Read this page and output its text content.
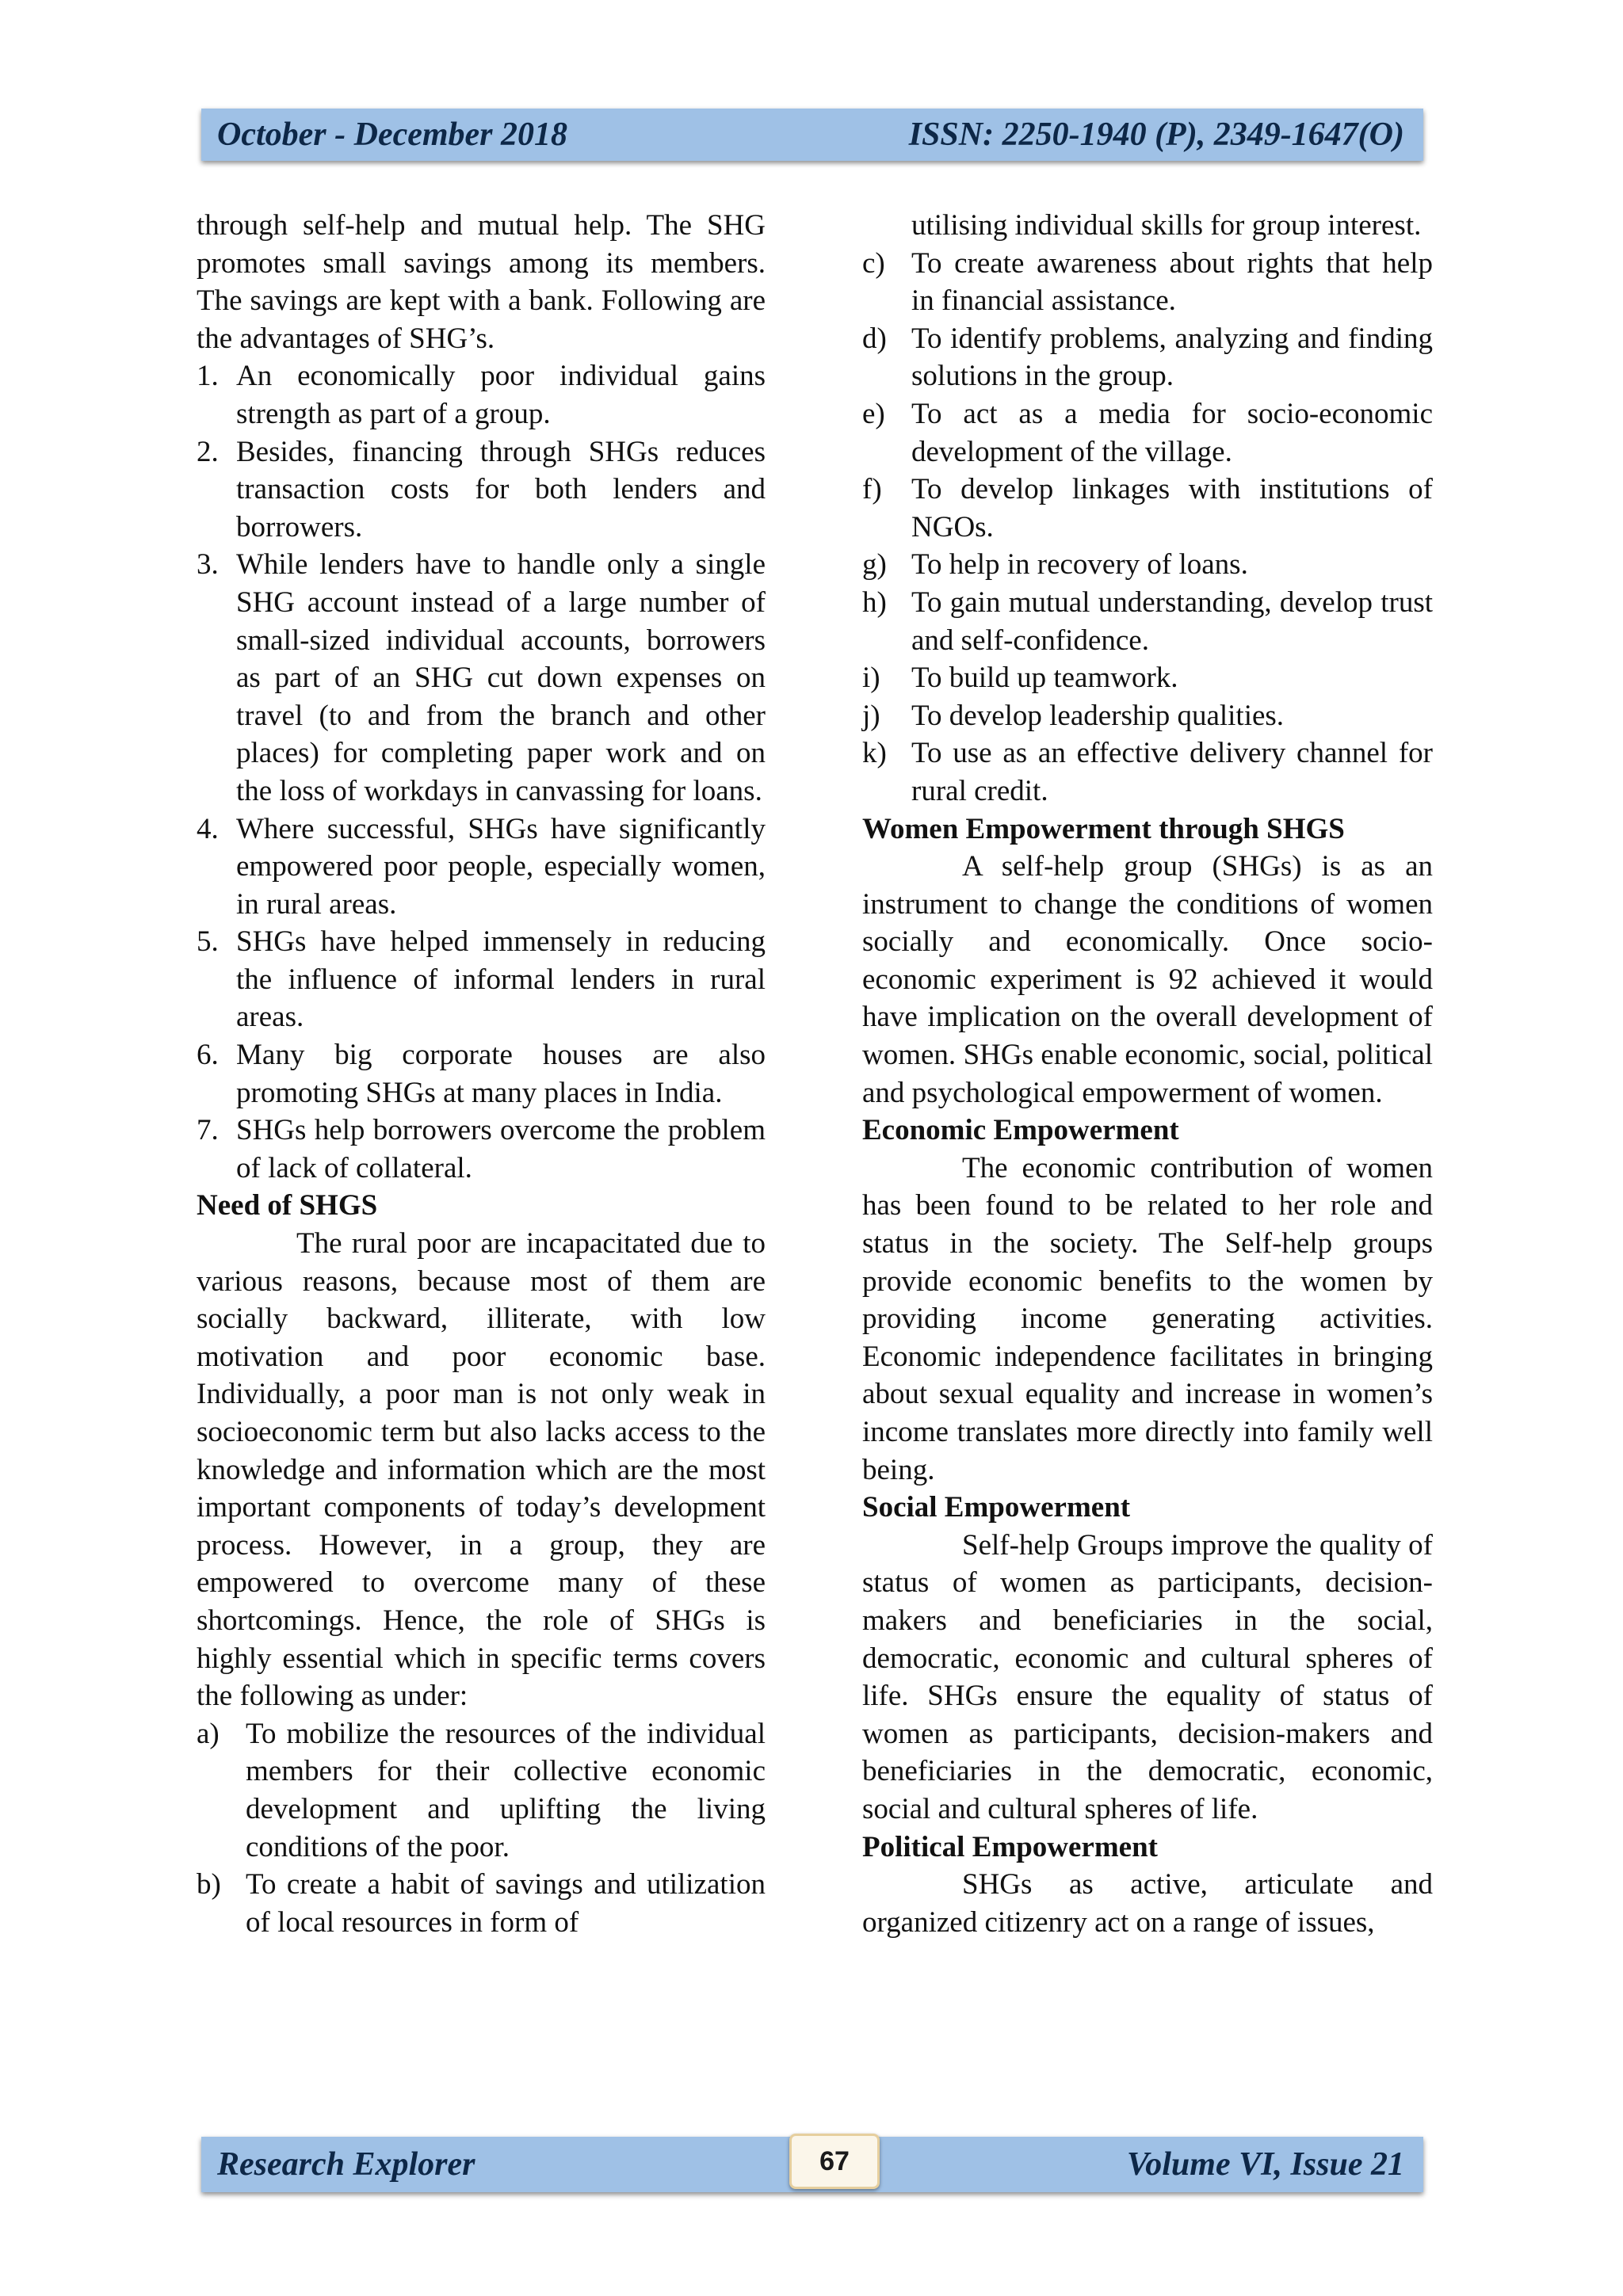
October - December 2018	ISSN: 2250-1940 (P), 2349-1647(O)

through self-help and mutual help. The SHG promotes small savings among its members. The savings are kept with a bank. Following are the advantages of SHG’s.

1. An economically poor individual gains strength as part of a group.
2. Besides, financing through SHGs reduces transaction costs for both lenders and borrowers.
3. While lenders have to handle only a single SHG account instead of a large number of small-sized individual accounts, borrowers as part of an SHG cut down expenses on travel (to and from the branch and other places) for completing paper work and on the loss of workdays in canvassing for loans.
4. Where successful, SHGs have significantly empowered poor people, especially women, in rural areas.
5. SHGs have helped immensely in reducing the influence of informal lenders in rural areas.
6. Many big corporate houses are also promoting SHGs at many places in India.
7. SHGs help borrowers overcome the problem of lack of collateral.
Need of SHGS

The rural poor are incapacitated due to various reasons, because most of them are socially backward, illiterate, with low motivation and poor economic base. Individually, a poor man is not only weak in socioeconomic term but also lacks access to the knowledge and information which are the most important components of today’s development process. However, in a group, they are empowered to overcome many of these shortcomings. Hence, the role of SHGs is highly essential which in specific terms covers the following as under:

a) To mobilize the resources of the individual members for their collective economic development and uplifting the living conditions of the poor.
b) To create a habit of savings and utilization of local resources in form of
utilising individual skills for group interest.
c) To create awareness about rights that help in financial assistance.
d) To identify problems, analyzing and finding solutions in the group.
e) To act as a media for socio-economic development of the village.
f) To develop linkages with institutions of NGOs.
g) To help in recovery of loans.
h) To gain mutual understanding, develop trust and self-confidence.
i) To build up teamwork.
j) To develop leadership qualities.
k) To use as an effective delivery channel for rural credit.
Women Empowerment through SHGS

A self-help group (SHGs) is as an instrument to change the conditions of women socially and economically. Once socio-economic experiment is 92 achieved it would have implication on the overall development of women. SHGs enable economic, social, political and psychological empowerment of women.

Economic Empowerment

The economic contribution of women has been found to be related to her role and status in the society. The Self-help groups provide economic benefits to the women by providing income generating activities. Economic independence facilitates in bringing about sexual equality and increase in women’s income translates more directly into family well being.

Social Empowerment

Self-help Groups improve the quality of status of women as participants, decision-makers and beneficiaries in the social, democratic, economic and cultural spheres of life. SHGs ensure the equality of status of women as participants, decision-makers and beneficiaries in the democratic, economic, social and cultural spheres of life.

Political Empowerment

SHGs as active, articulate and organized citizenry act on a range of issues,

Research Explorer	Volume VI, Issue 21
67
